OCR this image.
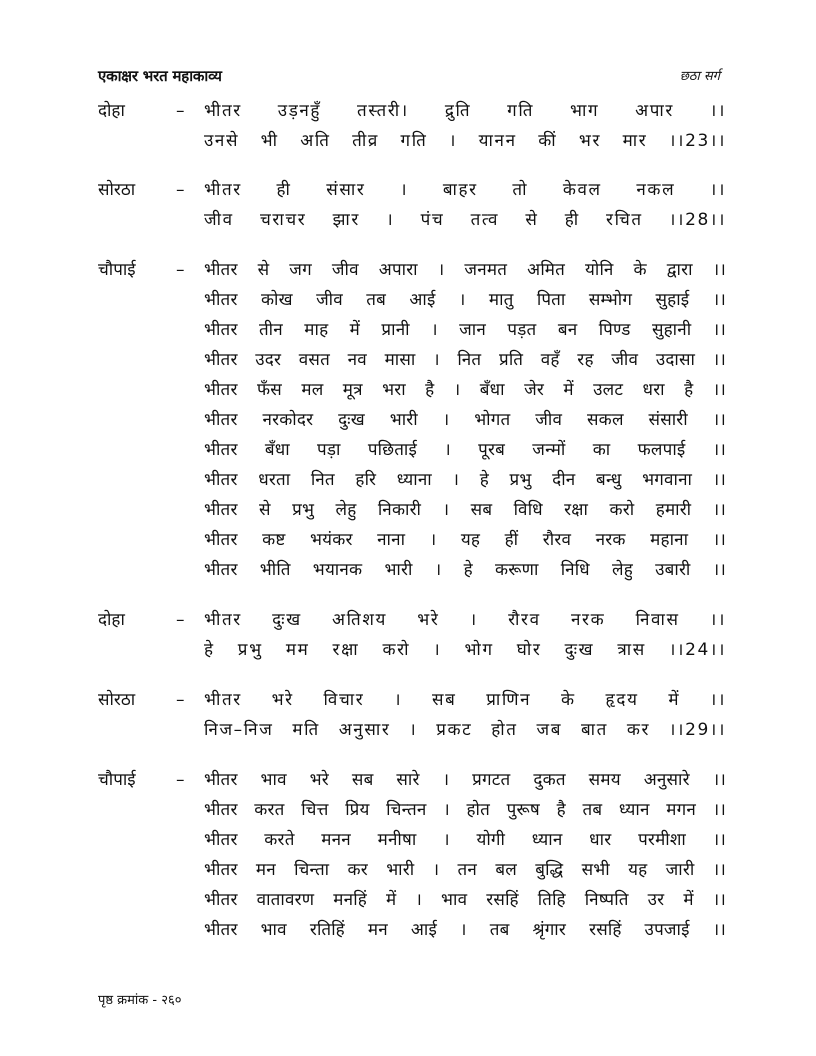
एकाक्षर भरत महाकाव्य	छठा सर्ग
दोहा	– भीतर उड़नहुँ तस्तरी। द्रुति गति भाग अपार ।।
उनसे भी अति तीव्र गति । यानन कीं भर मार ।।23।।
सोरठा – भीतर ही संसार । बाहर तो केवल नकल ।।
जीव चराचर झार । पंच तत्व से ही रचित ।।28।।
चौपाई – भीतर से जग जीव अपारा । जनमत अमित योनि के द्वारा ।।
भीतर कोख जीव तब आई । मातु पिता सम्भोग सुहाई ।।
भीतर तीन माह में प्रानी । जान पड़त बन पिण्ड सुहानी ।।
भीतर उदर वसत नव मासा । नित प्रति वहँ रह जीव उदासा ।।
भीतर फँस मल मूत्र भरा है । बँधा जेर में उलट धरा है ।।
भीतर नरकोदर दुःख भारी । भोगत जीव सकल संसारी ।।
भीतर बँधा पड़ा पछिताई । पूरब जन्मों का फलपाई ।।
भीतर धरता नित हरि ध्याना । हे प्रभु दीन बन्धु भगवाना ।।
भीतर से प्रभु लेहु निकारी । सब विधि रक्षा करो हमारी ।।
भीतर कष्ट भयंकर नाना । यह हीं रौरव नरक महाना ।।
भीतर भीति भयानक भारी । हे करूणा निधि लेहु उबारी ।।
दोहा	– भीतर दुःख अतिशय भरे । रौरव नरक निवास ।।
हे प्रभु मम रक्षा करो । भोग घोर दुःख त्रास ।।24।।
सोरठा – भीतर भरे विचार । सब प्राणिन के हृदय में ।।
निज–निज मति अनुसार । प्रकट होत जब बात कर ।।29।।
चौपाई – भीतर भाव भरे सब सारे । प्रगटत दुकत समय अनुसारे ।।
भीतर करत चित्त प्रिय चिन्तन । होत पुरूष है तब ध्यान मगन ।।
भीतर करते मनन मनीषा । योगी ध्यान धार परमीशा ।।
भीतर मन चिन्ता कर भारी । तन बल बुद्धि सभी यह जारी ।।
भीतर वातावरण मनहिं में । भाव रसहिं तिहि निष्पति उर में ।।
भीतर भाव रतिहिं मन आई । तब श्रृंगार रसहिं उपजाई ।।
पृष्ठ क्रमांक - २६०
